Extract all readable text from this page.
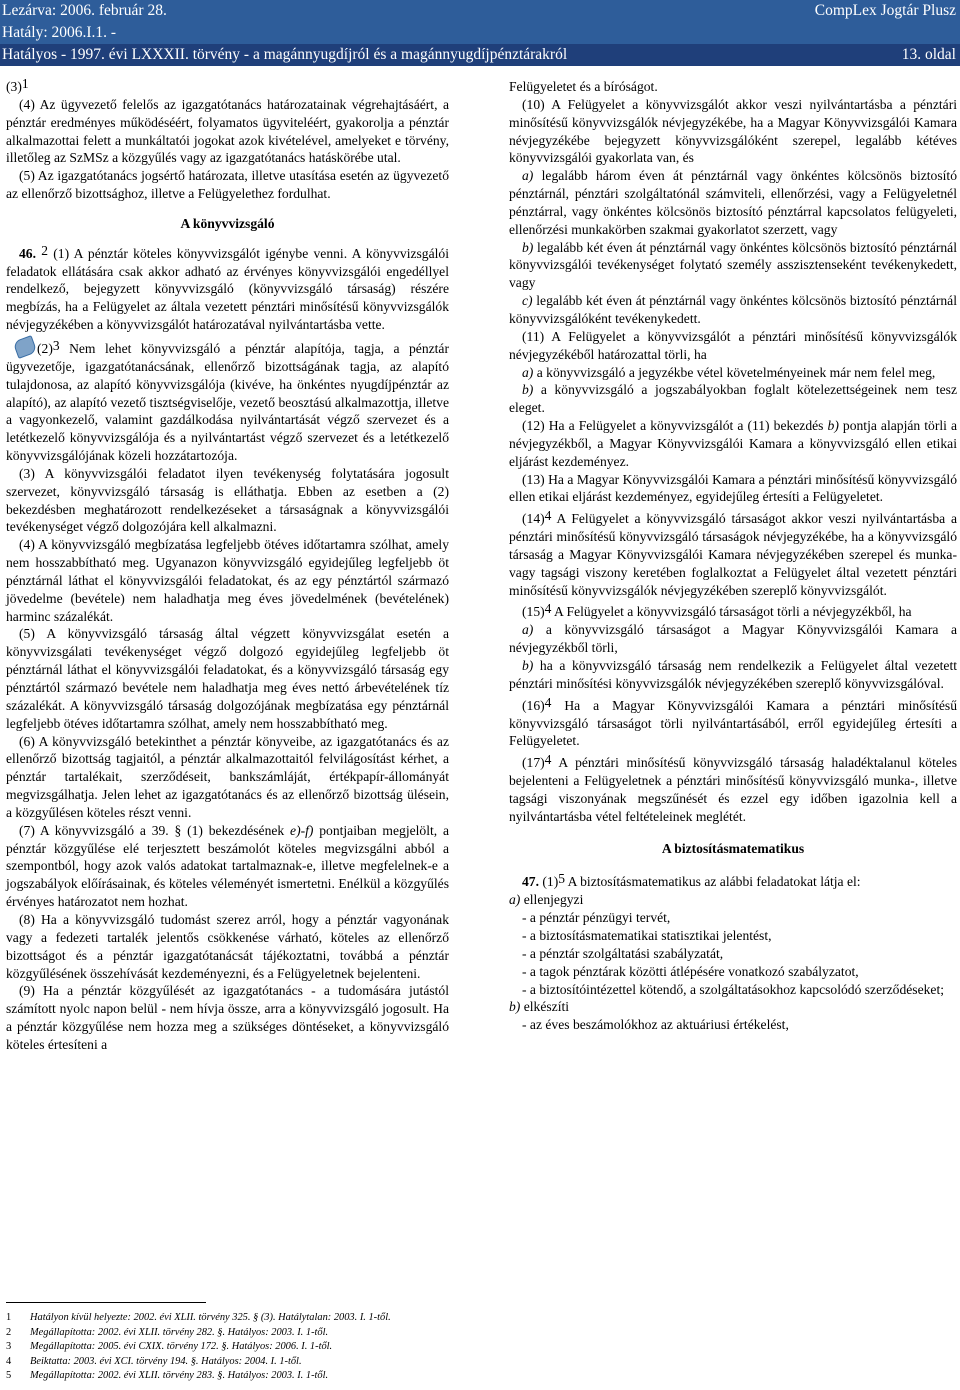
Lezárva: 2006. február 28.	CompLex Jogtár Plusz
Hatály: 2006.I.1. -
Hatályos - 1997. évi LXXXII. törvény - a magánnyugdíjról és a magánnyugdíjpénztárakról	13. oldal

$(3)^1$

(4) Az ügyvezető felelős az igazgatótanács határozatainak végrehajtásáért, a pénztár eredményes működéséért, folyamatos ügyviteléért, gyakorolja a pénztár alkalmazottai felett a munkáltatói jogokat azok kivételével, amelyeket e törvény, illetőleg az SzMSz a közgyűlés vagy az igazgatótanács hatáskörébe utal.

(5) Az igazgatótanács jogsértő határozata, illetve utasítása esetén az ügyvezető az ellenőrző bizottsághoz, illetve a Felügyelethez fordulhat.

A könyvvizsgáló

46. $^2$ (1) A pénztár köteles könyvvizsgálót igénybe venni. A könyvvizsgálói feladatok ellátására csak akkor adható az érvényes könyvvizsgálói engedéllyel rendelkező, bejegyzett könyvvizsgáló (könyvvizsgáló társaság) részére megbízás, ha a Felügyelet az általa vezetett pénztári minősítésű könyvvizsgálók névjegyzékében a könyvvizsgálót határozatával nyilvántartásba vette.

$(2)^3$ Nem lehet könyvvizsgáló a pénztár alapítója, tagja, a pénztár ügyvezetője, igazgatótanácsának, ellenőrző bizottságának tagja, az alapító tulajdonosa, az alapító könyvvizsgálója (kivéve, ha önkéntes nyugdíjpénztár az alapító), az alapító vezető tisztségviselője, vezető beosztású alkalmazottja, illetve a vagyonkezelő, valamint gazdálkodása nyilvántartását végző szervezet és a letétkezelő könyvvizsgálója és a nyilvántartást végző szervezet és a letétkezelő könyvvizsgálójának közeli hozzátartozója.

(3) A könyvvizsgálói feladatot ilyen tevékenység folytatására jogosult szervezet, könyvvizsgáló társaság is elláthatja. Ebben az esetben a (2) bekezdésben meghatározott rendelkezéseket a társaságnak a könyvvizsgálói tevékenységet végző dolgozójára kell alkalmazni.

(4) A könyvvizsgáló megbízatása legfeljebb ötéves időtartamra szólhat, amely nem hosszabbítható meg. Ugyanazon könyvvizsgáló egyidejűleg legfeljebb öt pénztárnál láthat el könyvvizsgálói feladatokat, és az egy pénztártól származó jövedelme (bevétele) nem haladhatja meg éves jövedelmének (bevételének) harminc százalékát.

(5) A könyvvizsgáló társaság által végzett könyvvizsgálat esetén a könyvvizsgálati tevékenységet végző dolgozó egyidejűleg legfeljebb öt pénztárnál láthat el könyvvizsgálói feladatokat, és a könyvvizsgáló társaság egy pénztártól származó bevétele nem haladhatja meg éves nettó árbevételének tíz százalékát. A könyvvizsgáló társaság dolgozójának megbízatása egy pénztárnál legfeljebb ötéves időtartamra szólhat, amely nem hosszabbítható meg.

(6) A könyvvizsgáló betekinthet a pénztár könyveibe, az igazgatótanács és az ellenőrző bizottság tagjaitól, a pénztár alkalmazottaitól felvilágosítást kérhet, a pénztár tartalékait, szerződéseit, bankszámláját, értékpapír-állományát megvizsgálhatja. Jelen lehet az igazgatótanács és az ellenőrző bizottság ülésein, a közgyűlésen köteles részt venni.

(7) A könyvvizsgáló a 39. § (1) bekezdésének e)-f) pontjaiban megjelölt, a pénztár közgyűlése elé terjesztett beszámolót köteles megvizsgálni abból a szempontból, hogy azok valós adatokat tartalmaznak-e, illetve megfelelnek-e a jogszabályok előírásainak, és köteles véleményét ismertetni. Enélkül a közgyűlés érvényes határozatot nem hozhat.

(8) Ha a könyvvizsgáló tudomást szerez arról, hogy a pénztár vagyonának vagy a fedezeti tartalék jelentős csökkenése várható, köteles az ellenőrző bizottságot és a pénztár igazgatótanácsát tájékoztatni, továbbá a pénztár közgyűlésének összehívását kezdeményezni, és a Felügyeletnek bejelenteni.

(9) Ha a pénztár közgyűlését az igazgatótanács - a tudomására jutástól számított nyolc napon belül - nem hívja össze, arra a könyvvizsgáló jogosult. Ha a pénztár közgyűlése nem hozza meg a szükséges döntéseket, a könyvvizsgáló köteles értesíteni a

Felügyeletet és a bíróságot.

(10) A Felügyelet a könyvvizsgálót akkor veszi nyilvántartásba a pénztári minősítésű könyvvizsgálók névjegyzékébe, ha a Magyar Könyvvizsgálói Kamara névjegyzékébe bejegyzett könyvvizsgálóként szerepel, legalább kétéves könyvvizsgálói gyakorlata van, és

a) legalább három éven át pénztárnál vagy önkéntes kölcsönös biztosító pénztárnál, pénztári szolgáltatónál számviteli, ellenőrzési, vagy a Felügyeletnél pénztárral, vagy önkéntes kölcsönös biztosító pénztárral kapcsolatos felügyeleti, ellenőrzési munkakörben szakmai gyakorlatot szerzett, vagy

b) legalább két éven át pénztárnál vagy önkéntes kölcsönös biztosító pénztárnál könyvvizsgálói tevékenységet folytató személy asszisztenseként tevékenykedett, vagy

c) legalább két éven át pénztárnál vagy önkéntes kölcsönös biztosító pénztárnál könyvvizsgálóként tevékenykedett.

(11) A Felügyelet a könyvvizsgálót a pénztári minősítésű könyvvizsgálók névjegyzékéből határozattal törli, ha

a) a könyvvizsgáló a jegyzékbe vétel követelményeinek már nem felel meg,

b) a könyvvizsgáló a jogszabályokban foglalt kötelezettségeinek nem tesz eleget.

(12) Ha a Felügyelet a könyvvizsgálót a (11) bekezdés b) pontja alapján törli a névjegyzékből, a Magyar Könyvvizsgálói Kamara a könyvvizsgáló ellen etikai eljárást kezdeményez.

(13) Ha a Magyar Könyvvizsgálói Kamara a pénztári minősítésű könyvvizsgáló ellen etikai eljárást kezdeményez, egyidejűleg értesíti a Felügyeletet.

$(14)^4$ A Felügyelet a könyvvizsgáló társaságot akkor veszi nyilvántartásba a pénztári minősítésű könyvvizsgáló társaságok névjegyzékébe, ha a könyvvizsgáló társaság a Magyar Könyvvizsgálói Kamara névjegyzékében szerepel és munka- vagy tagsági viszony keretében foglalkoztat a Felügyelet által vezetett pénztári minősítésű könyvvizsgálók névjegyzékében szereplő könyvvizsgálót.

$(15)^4$ A Felügyelet a könyvvizsgáló társaságot törli a névjegyzékből, ha

a) a könyvvizsgáló társaságot a Magyar Könyvvizsgálói Kamara a névjegyzékből törli,

b) ha a könyvvizsgáló társaság nem rendelkezik a Felügyelet által vezetett pénztári minősítési könyvvizsgálók névjegyzékében szereplő könyvvizsgálóval.

$(16)^4$ Ha a Magyar Könyvvizsgálói Kamara a pénztári minősítésű könyvvizsgáló társaságot törli nyilvántartásából, erről egyidejűleg értesíti a Felügyeletet.

$(17)^4$ A pénztári minősítésű könyvvizsgáló társaság haladéktalanul köteles bejelenteni a Felügyeletnek a pénztári minősítésű könyvvizsgáló munka-, illetve tagsági viszonyának megszűnését és ezzel egy időben igazolnia kell a nyilvántartásba vétel feltételeinek meglétét.

A biztosításmatematikus

47. $(1)^5$ A biztosításmatematikus az alábbi feladatokat látja el:

a) ellenjegyzi

- a pénztár pénzügyi tervét,

- a biztosításmatematikai statisztikai jelentést,

- a pénztár szolgáltatási szabályzatát,

- a tagok pénztárak közötti átlépésére vonatkozó szabályzatot,

- a biztosítóintézettel kötendő, a szolgáltatásokhoz kapcsolódó szerződéseket;

b) elkészíti

- az éves beszámolókhoz az aktuáriusi értékelést,

1 Hatályon kívül helyezte: 2002. évi XLII. törvény 325. § (3). Hatálytalan: 2003. I. 1-től.
2 Megállapította: 2002. évi XLII. törvény 282. §. Hatályos: 2003. I. 1-től.
3 Megállapította: 2005. évi CXIX. törvény 172. §. Hatályos: 2006. I. 1-től.
4 Beiktatta: 2003. évi XCI. törvény 194. §. Hatályos: 2004. I. 1-től.
5 Megállapította: 2002. évi XLII. törvény 283. §. Hatályos: 2003. I. 1-től.
